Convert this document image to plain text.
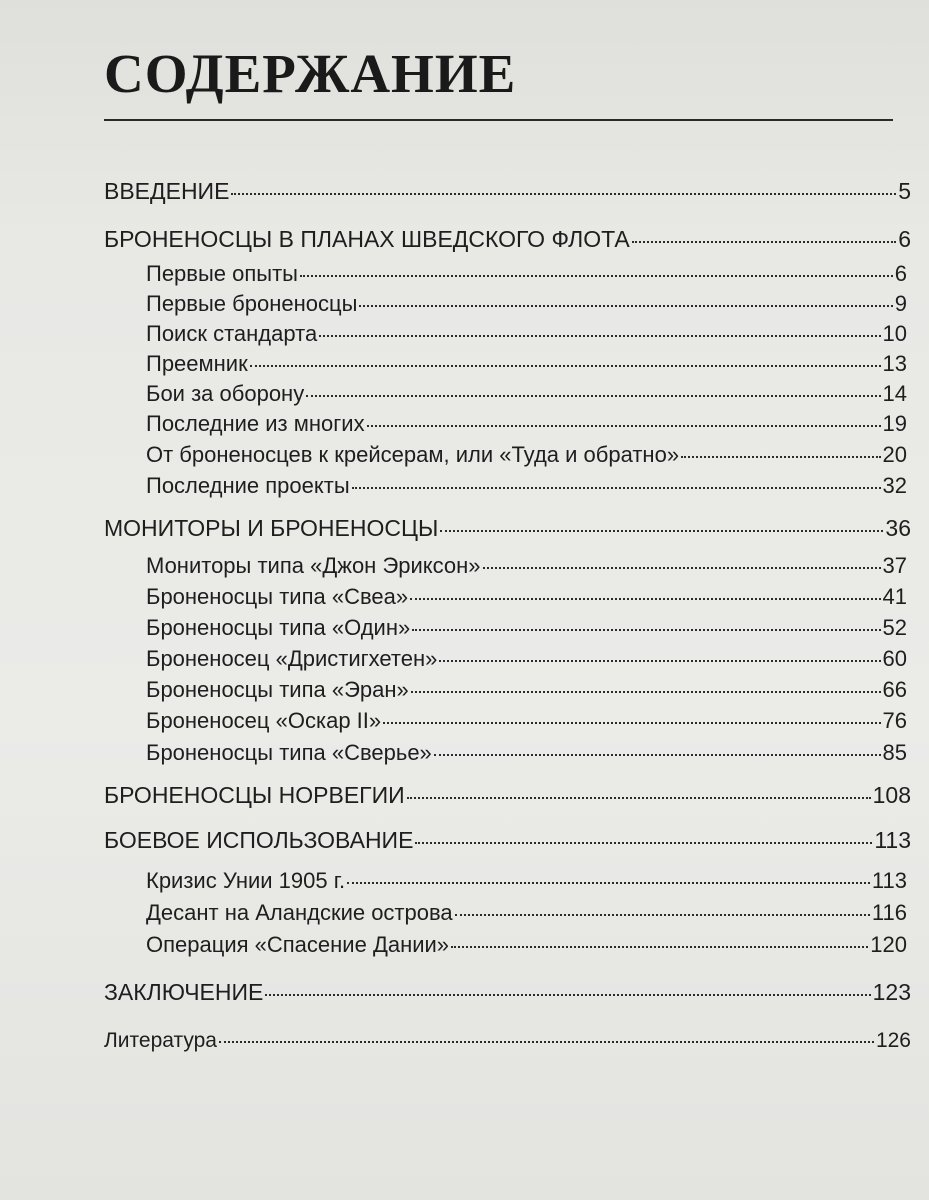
СОДЕРЖАНИЕ
ВВЕДЕНИЕ	5
БРОНЕНОСЦЫ В ПЛАНАХ ШВЕДСКОГО ФЛОТА	6
Первые опыты	6
Первые броненосцы	9
Поиск стандарта	10
Преемник	13
Бои за оборону	14
Последние из многих	19
От броненосцев к крейсерам, или «Туда и обратно»	20
Последние проекты	32
МОНИТОРЫ И БРОНЕНОСЦЫ	36
Мониторы типа «Джон Эриксон»	37
Броненосцы типа «Свеа»	41
Броненосцы типа «Один»	52
Броненосец «Дристигхетен»	60
Броненосцы типа «Эран»	66
Броненосец «Оскар II»	76
Броненосцы типа «Сверье»	85
БРОНЕНОСЦЫ НОРВЕГИИ	108
БОЕВОЕ ИСПОЛЬЗОВАНИЕ	113
Кризис Унии 1905 г.	113
Десант на Аландские острова	116
Операция «Спасение Дании»	120
ЗАКЛЮЧЕНИЕ	123
Литература	126
